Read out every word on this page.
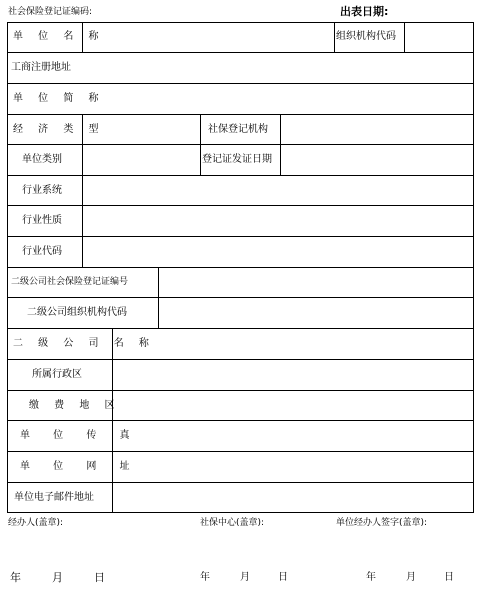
社会保险登记证编码:	出表日期:
单 位 名 称	组织机构代码
工商注册地址
单 位 简 称
经 济 类 型	社保登记机构
单位类别	登记证发证日期
行业系统
行业性质
行业代码
二级公司社会保险登记证编号
二级公司组织机构代码
二 级 公 司 名 称
所属行政区
缴 费 地 区
单 位 传 真
单 位 网 址
单位电子邮件地址
经办人(盖章):	社保中心(盖章):	单位经办人签字(盖章):
年	月	日	年	月	日	年	月	日
